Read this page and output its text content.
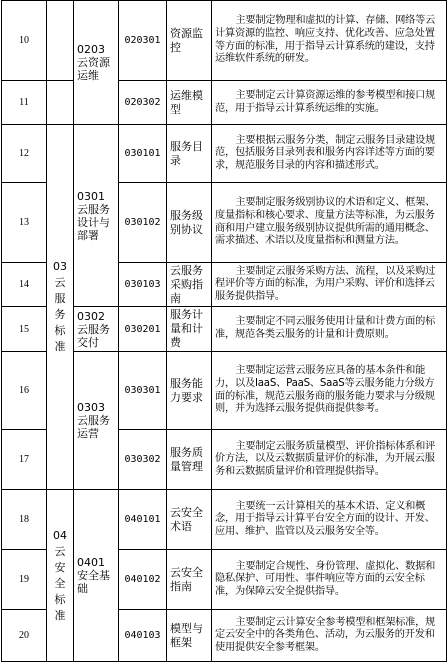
10		0203云资源运维	020301	资源监控	主要制定物理和虚拟的计算、存储、网络等云计算资源的监控、响应支持、优化改善、应急处置等方面的标准，用于指导云计算系统的建设，支持运维软件系统的研发。
11			020302	运维模型	主要制定云计算资源运维的参考模型和接口规范，用于指导云计算系统运维的实施。
12	03云服务标准	0301云服务设计与部署	030101	服务目录	主要根据云服务分类，制定云服务目录建设规范，包括服务目录列表和服务内容详述等方面的要求，规范服务目录的内容和描述形式。
13			030102	服务级别协议	主要制定服务级别协议的术语和定义、框架、度量指标和核心要求、度量方法等标准，为云服务商和用户建立服务级别协议提供所需的通用概念、需求描述、术语以及度量指标和测量方法。
14			030103	云服务采购指南	主要制定云服务采购方法、流程，以及采购过程评价等方面的标准，为用户采购、评价和选择云服务提供指导。
15		0302云服务交付	030201	服务计量和计费	主要制定不同云服务使用计量和计费方面的标准，规范各类云服务的计量和计费原则。
16		0303云服务运营	030301	服务能力要求	主要制定运营云服务应具备的基本条件和能力，以及IaaS、PaaS、SaaS等云服务能力分级方面的标准，规范云服务商的服务能力要求与分级规则，并为选择云服务提供商提供参考。
17			030302	服务质量管理	主要制定云服务质量模型、评价指标体系和评价方法，以及云数据质量评价的标准，为开展云服务和云数据质量评价和管理提供指导。
18	04云安全标准	0401安全基础	040101	云安全术语	主要统一云计算相关的基本术语、定义和概念，用于指导云计算平台安全方面的设计、开发、应用、维护、监管以及云服务安全等。
19			040102	云安全指南	主要制定合规性、身份管理、虚拟化、数据和隐私保护、可用性、事件响应等方面的云安全标准，为保障云安全提供指导。
20			040103	模型与框架	主要制定云计算安全参考模型和框架标准，规定云安全中的各类角色、活动，为云服务的开发和使用提供安全参考框架。
